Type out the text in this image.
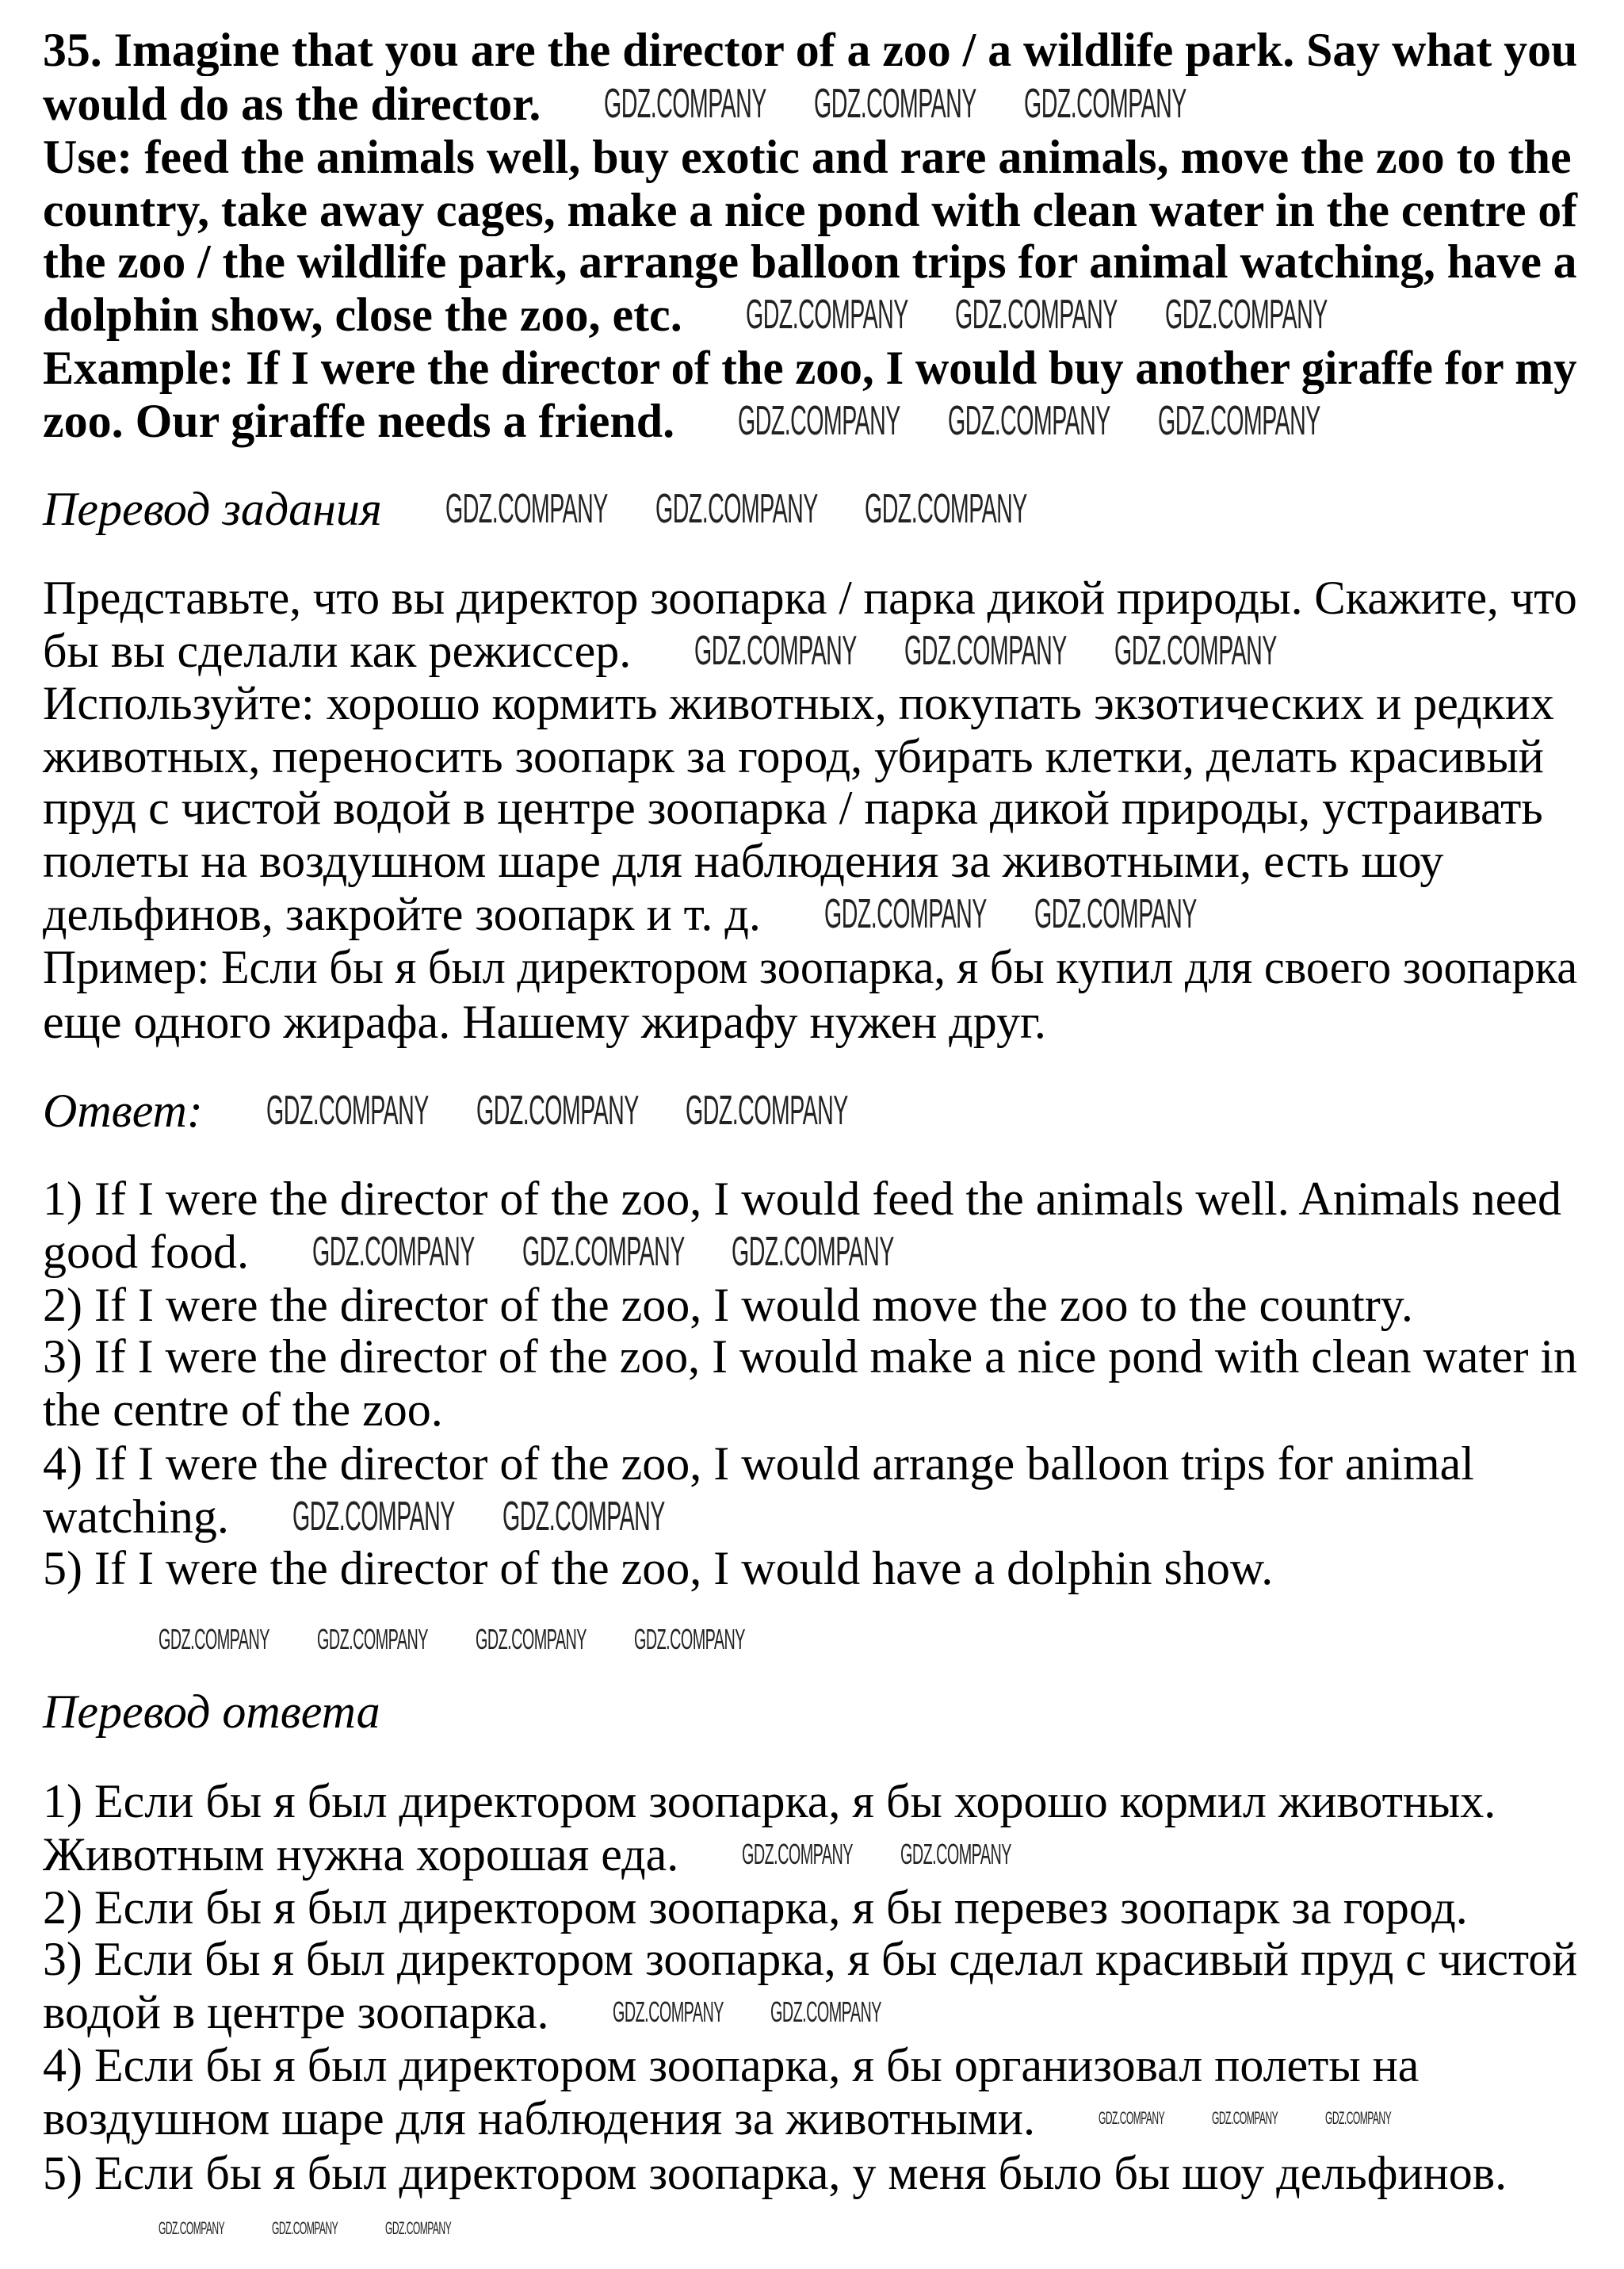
35. Imagine that you are the director of a zoo / a wildlife park. Say what you
would do as the director.
Use: feed the animals well, buy exotic and rare animals, move the zoo to the
country, take away cages, make a nice pond with clean water in the centre of
the zoo / the wildlife park, arrange balloon trips for animal watching, have a
dolphin show, close the zoo, etc.
Example: If I were the director of the zoo, I would buy another giraffe for my
zoo. Our giraffe needs a friend.
Перевод задания
Представьте, что вы директор зоопарка / парка дикой природы. Скажите, что
бы вы сделали как режиссер.
Используйте: хорошо кормить животных, покупать экзотических и редких
животных, переносить зоопарк за город, убирать клетки, делать красивый
пруд с чистой водой в центре зоопарка / парка дикой природы, устраивать
полеты на воздушном шаре для наблюдения за животными, есть шоу
дельфинов, закройте зоопарк и т. д.
Пример: Если бы я был директором зоопарка, я бы купил для своего зоопарка
еще одного жирафа. Нашему жирафу нужен друг.
Ответ:
1) If I were the director of the zoo, I would feed the animals well. Animals need
good food.
2) If I were the director of the zoo, I would move the zoo to the country.
3) If I were the director of the zoo, I would make a nice pond with clean water in
the centre of the zoo.
4) If I were the director of the zoo, I would arrange balloon trips for animal
watching.
5) If I were the director of the zoo, I would have a dolphin show.
Перевод ответа
1) Если бы я был директором зоопарка, я бы хорошо кормил животных.
Животным нужна хорошая еда.
2) Если бы я был директором зоопарка, я бы перевез зоопарк за город.
3) Если бы я был директором зоопарка, я бы сделал красивый пруд с чистой
водой в центре зоопарка.
4) Если бы я был директором зоопарка, я бы организовал полеты на
воздушном шаре для наблюдения за животными.
5) Если бы я был директором зоопарка, у меня было бы шоу дельфинов.
GDZ.COMPANY GDZ.COMPANY GDZ.COMPANY
GDZ.COMPANY GDZ.COMPANY GDZ.COMPANY
GDZ.COMPANY GDZ.COMPANY GDZ.COMPANY
GDZ.COMPANY GDZ.COMPANY GDZ.COMPANY
GDZ.COMPANY GDZ.COMPANY GDZ.COMPANY
GDZ.COMPANY GDZ.COMPANY
GDZ.COMPANY GDZ.COMPANY GDZ.COMPANY
GDZ.COMPANY GDZ.COMPANY GDZ.COMPANY
GDZ.COMPANY GDZ.COMPANY
GDZ.COMPANY GDZ.COMPANY GDZ.COMPANY GDZ.COMPANY
GDZ.COMPANY GDZ.COMPANY
GDZ.COMPANY GDZ.COMPANY
GDZ.COMPANY	GDZ.COMPANY	GDZ.COMPANY
GDZ.COMPANY	GDZ.COMPANY	GDZ.COMPANY
